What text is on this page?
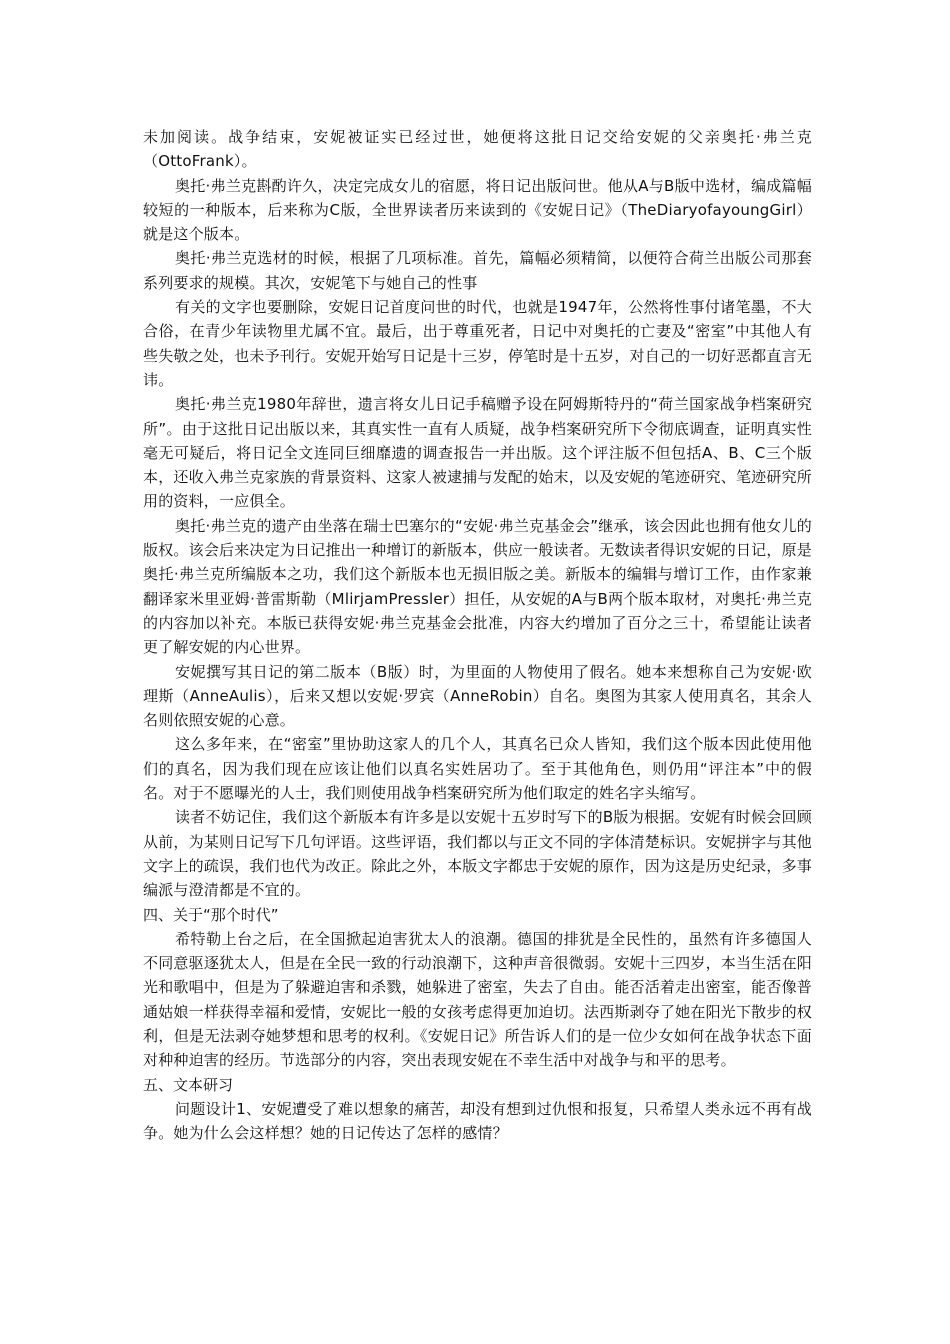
未加阅读。战争结束，安妮被证实已经过世，她便将这批日记交给安妮的父亲奥托·弗兰克（OttoFrank）。

奥托·弗兰克斟酌许久，决定完成女儿的宿愿，将日记出版问世。他从A与B版中选材，编成篇幅较短的一种版本，后来称为C版，全世界读者历来读到的《安妮日记》（TheDiaryofayoungGirl）就是这个版本。

奥托·弗兰克选材的时候，根据了几项标准。首先，篇幅必须精简，以便符合荷兰出版公司那套系列要求的规模。其次，安妮笔下与她自己的性事

有关的文字也要删除，安妮日记首度问世的时代，也就是1947年，公然将性事付诸笔墨，不大合俗，在青少年读物里尤属不宜。最后，出于尊重死者，日记中对奥托的亡妻及“密室”中其他人有些失敬之处，也未予刊行。安妮开始写日记是十三岁，停笔时是十五岁，对自己的一切好恶都直言无讳。

奥托·弗兰克1980年辞世，遗言将女儿日记手稿赠予设在阿姆斯特丹的“荷兰国家战争档案研究所”。由于这批日记出版以来，其真实性一直有人质疑，战争档案研究所下令彻底调查，证明真实性毫无可疑后，将日记全文连同巨细靡遗的调查报告一并出版。这个评注版不但包括A、B、C三个版本，还收入弗兰克家族的背景资料、这家人被逮捕与发配的始末，以及安妮的笔迹研究、笔迹研究所用的资料，一应俱全。

奥托·弗兰克的遗产由坐落在瑞士巴塞尔的“安妮·弗兰克基金会”继承，该会因此也拥有他女儿的版权。该会后来决定为日记推出一种增订的新版本，供应一般读者。无数读者得识安妮的日记，原是奥托·弗兰克所编版本之功，我们这个新版本也无损旧版之美。新版本的编辑与增订工作，由作家兼翻译家米里亚姆·普雷斯勒（MlirjamPressler）担任，从安妮的A与B两个版本取材，对奥托·弗兰克的内容加以补充。本版已获得安妮·弗兰克基金会批准，内容大约增加了百分之三十，希望能让读者更了解安妮的内心世界。

安妮撰写其日记的第二版本（B版）时，为里面的人物使用了假名。她本来想称自己为安妮·欧理斯（AnneAulis），后来又想以安妮·罗宾（AnneRobin）自名。奥图为其家人使用真名，其余人名则依照安妮的心意。

这么多年来，在“密室”里协助这家人的几个人，其真名已众人皆知，我们这个版本因此使用他们的真名，因为我们现在应该让他们以真名实姓居功了。至于其他角色，则仍用“评注本”中的假名。对于不愿曝光的人士，我们则使用战争档案研究所为他们取定的姓名字头缩写。

读者不妨记住，我们这个新版本有许多是以安妮十五岁时写下的B版为根据。安妮有时候会回顾从前，为某则日记写下几句评语。这些评语，我们都以与正文不同的字体清楚标识。安妮拼字与其他文字上的疏误，我们也代为改正。除此之外，本版文字都忠于安妮的原作，因为这是历史纪录，多事编派与澄清都是不宜的。

四、关于“那个时代”

希特勒上台之后，在全国掀起迫害犹太人的浪潮。德国的排犹是全民性的，虽然有许多德国人不同意驱逐犹太人，但是在全民一致的行动浪潮下，这种声音很微弱。安妮十三四岁，本当生活在阳光和歌唱中，但是为了躲避迫害和杀戮，她躲进了密室，失去了自由。能否活着走出密室，能否像普通姑娘一样获得幸福和爱情，安妮比一般的女孩考虑得更加迫切。法西斯剥夺了她在阳光下散步的权利，但是无法剥夺她梦想和思考的权利。《安妮日记》所告诉人们的是一位少女如何在战争状态下面对种种迫害的经历。节选部分的内容，突出表现安妮在不幸生活中对战争与和平的思考。

五、文本研习

问题设计1、安妮遭受了难以想象的痛苦，却没有想到过仇恨和报复，只希望人类永远不再有战争。她为什么会这样想？她的日记传达了怎样的感情？
